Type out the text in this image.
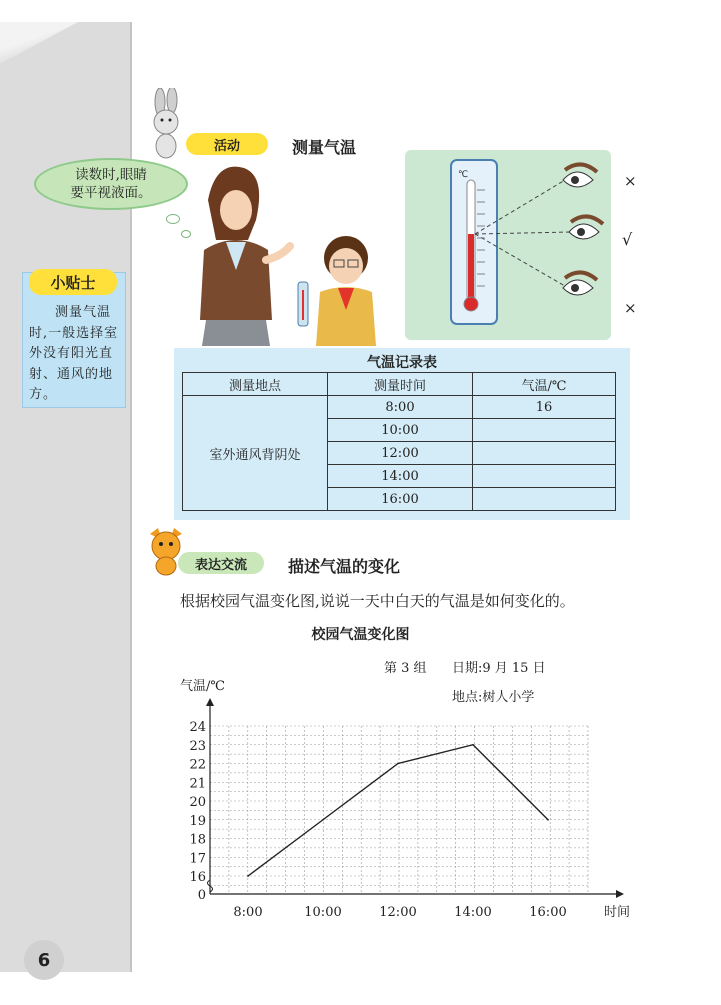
6
小贴士
测量气温时,一般选择室外没有阳光直射、通风的地方。
活动	测量气温
读数时,眼睛
要平视液面。
℃	×
√
×
气温记录表
测量地点	测量时间	气温/℃
室外通风背阴处	8:00	16
	10:00	
	12:00	
	14:00	
	16:00	
表达交流	描述气温的变化
根据校园气温变化图,说说一天中白天的气温是如何变化的。
校园气温变化图
第 3 组 日期:9 月 15 日
地点:树人小学
0
16
17
18
19
20
21
22
23
24
8:00	10:00	12:00	14:00	16:00	时间
气温/℃
